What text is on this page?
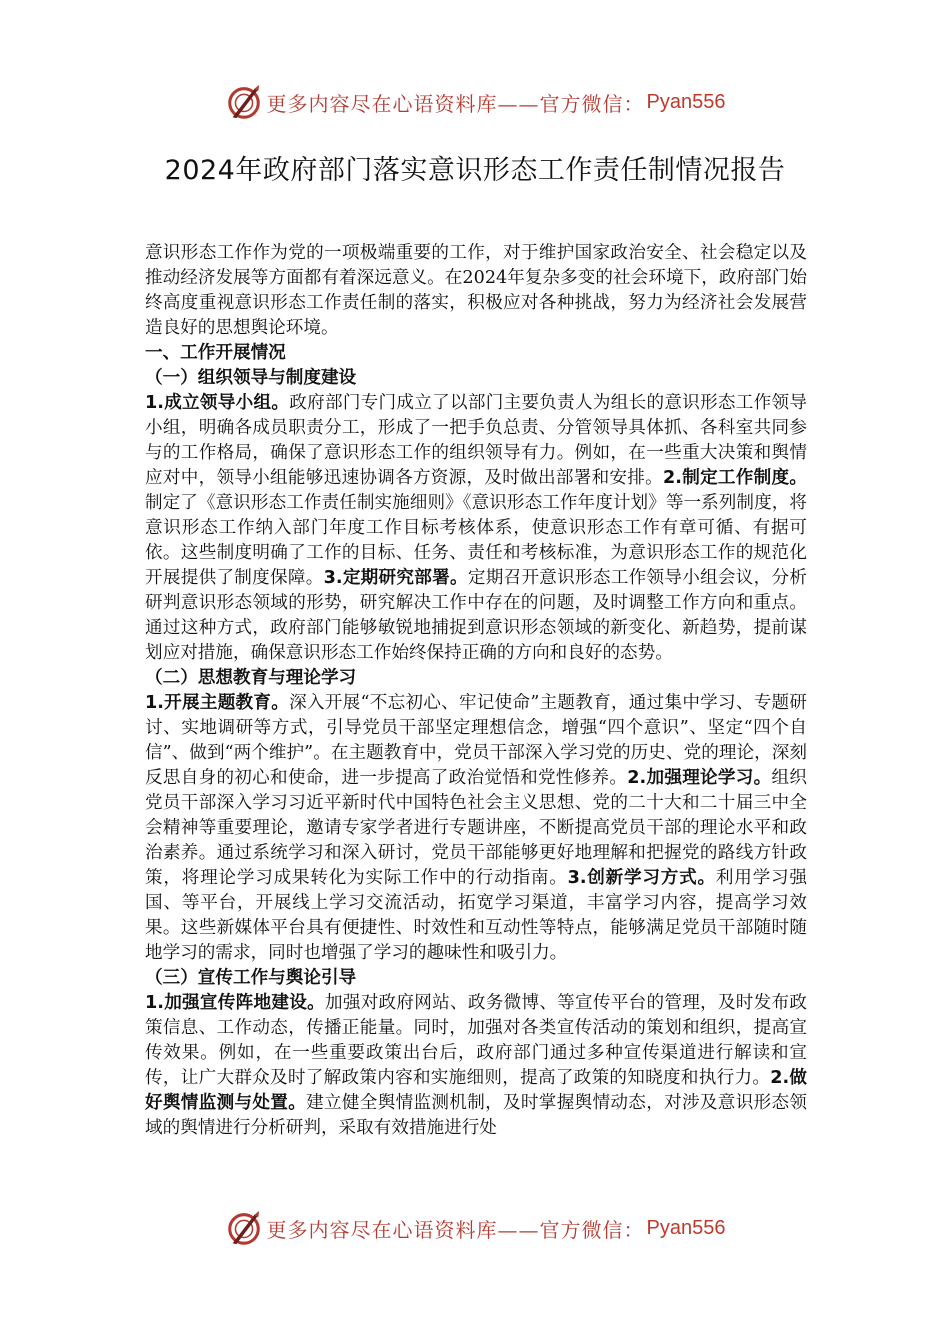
更多内容尽在心语资料库——官方微信： Pyan556
2024年政府部门落实意识形态工作责任制情况报告

意识形态工作作为党的一项极端重要的工作，对于维护国家政治安全、社会稳定以及推动经济发展等方面都有着深远意义。在2024年复杂多变的社会环境下，政府部门始终高度重视意识形态工作责任制的落实，积极应对各种挑战，努力为经济社会发展营造良好的思想舆论环境。

一、工作开展情况
（一）组织领导与制度建设

1.成立领导小组。政府部门专门成立了以部门主要负责人为组长的意识形态工作领导小组，明确各成员职责分工，形成了一把手负总责、分管领导具体抓、各科室共同参与的工作格局，确保了意识形态工作的组织领导有力。例如，在一些重大决策和舆情应对中，领导小组能够迅速协调各方资源，及时做出部署和安排。2.制定工作制度。制定了《意识形态工作责任制实施细则》《意识形态工作年度计划》等一系列制度，将意识形态工作纳入部门年度工作目标考核体系，使意识形态工作有章可循、有据可依。这些制度明确了工作的目标、任务、责任和考核标准，为意识形态工作的规范化开展提供了制度保障。3.定期研究部署。定期召开意识形态工作领导小组会议，分析研判意识形态领域的形势，研究解决工作中存在的问题，及时调整工作方向和重点。通过这种方式，政府部门能够敏锐地捕捉到意识形态领域的新变化、新趋势，提前谋划应对措施，确保意识形态工作始终保持正确的方向和良好的态势。

（二）思想教育与理论学习

1.开展主题教育。深入开展“不忘初心、牢记使命”主题教育，通过集中学习、专题研讨、实地调研等方式，引导党员干部坚定理想信念，增强“四个意识”、坚定“四个自信”、做到“两个维护”。在主题教育中，党员干部深入学习党的历史、党的理论，深刻反思自身的初心和使命，进一步提高了政治觉悟和党性修养。2.加强理论学习。组织党员干部深入学习习近平新时代中国特色社会主义思想、党的二十大和二十届三中全会精神等重要理论，邀请专家学者进行专题讲座，不断提高党员干部的理论水平和政治素养。通过系统学习和深入研讨，党员干部能够更好地理解和把握党的路线方针政策，将理论学习成果转化为实际工作中的行动指南。3.创新学习方式。利用学习强国、等平台，开展线上学习交流活动，拓宽学习渠道，丰富学习内容，提高学习效果。这些新媒体平台具有便捷性、时效性和互动性等特点，能够满足党员干部随时随地学习的需求，同时也增强了学习的趣味性和吸引力。

（三）宣传工作与舆论引导

1.加强宣传阵地建设。加强对政府网站、政务微博、等宣传平台的管理，及时发布政策信息、工作动态，传播正能量。同时，加强对各类宣传活动的策划和组织，提高宣传效果。例如，在一些重要政策出台后，政府部门通过多种宣传渠道进行解读和宣传，让广大群众及时了解政策内容和实施细则，提高了政策的知晓度和执行力。2.做好舆情监测与处置。建立健全舆情监测机制，及时掌握舆情动态，对涉及意识形态领域的舆情进行分析研判，采取有效措施进行处

更多内容尽在心语资料库——官方微信： Pyan556
